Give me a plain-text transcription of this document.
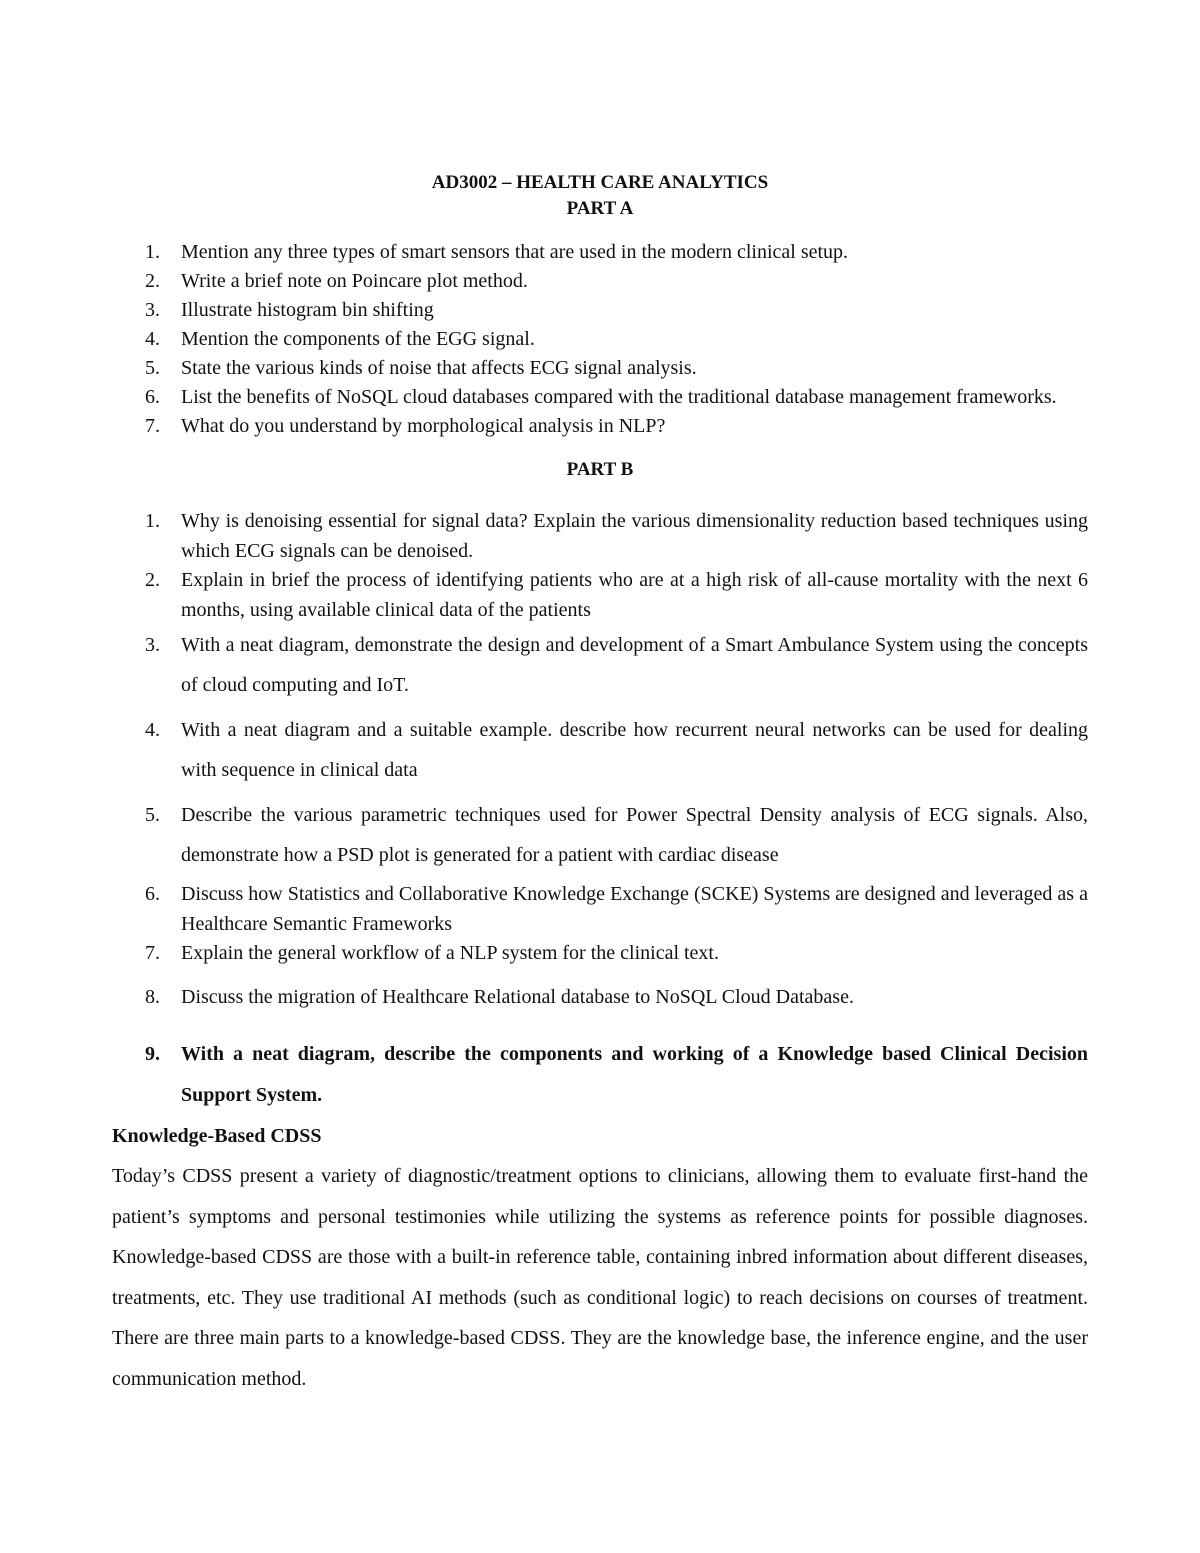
AD3002 – HEALTH CARE ANALYTICS

PART A

1. Mention any three types of smart sensors that are used in the modern clinical setup.
2. Write a brief note on Poincare plot method.
3. Illustrate histogram bin shifting
4. Mention the components of the EGG signal.
5. State the various kinds of noise that affects ECG signal analysis.
6. List the benefits of NoSQL cloud databases compared with the traditional database management frameworks.
7. What do you understand by morphological analysis in NLP?

PART B

1. Why is denoising essential for signal data? Explain the various dimensionality reduction based techniques using which ECG signals can be denoised.
2. Explain in brief the process of identifying patients who are at a high risk of all-cause mortality with the next 6 months, using available clinical data of the patients
3. With a neat diagram, demonstrate the design and development of a Smart Ambulance System using the concepts of cloud computing and IoT.
4. With a neat diagram and a suitable example. describe how recurrent neural networks can be used for dealing with sequence in clinical data
5. Describe the various parametric techniques used for Power Spectral Density analysis of ECG signals. Also, demonstrate how a PSD plot is generated for a patient with cardiac disease
6. Discuss how Statistics and Collaborative Knowledge Exchange (SCKE) Systems are designed and leveraged as a Healthcare Semantic Frameworks
7. Explain the general workflow of a NLP system for the clinical text.
8. Discuss the migration of Healthcare Relational database to NoSQL Cloud Database.
9. With a neat diagram, describe the components and working of a Knowledge based Clinical Decision Support System.

Knowledge-Based CDSS

Today’s CDSS present a variety of diagnostic/treatment options to clinicians, allowing them to evaluate first-hand the patient’s symptoms and personal testimonies while utilizing the systems as reference points for possible diagnoses. Knowledge-based CDSS are those with a built-in reference table, containing inbred information about different diseases, treatments, etc. They use traditional AI methods (such as conditional logic) to reach decisions on courses of treatment. There are three main parts to a knowledge-based CDSS. They are the knowledge base, the inference engine, and the user communication method.
